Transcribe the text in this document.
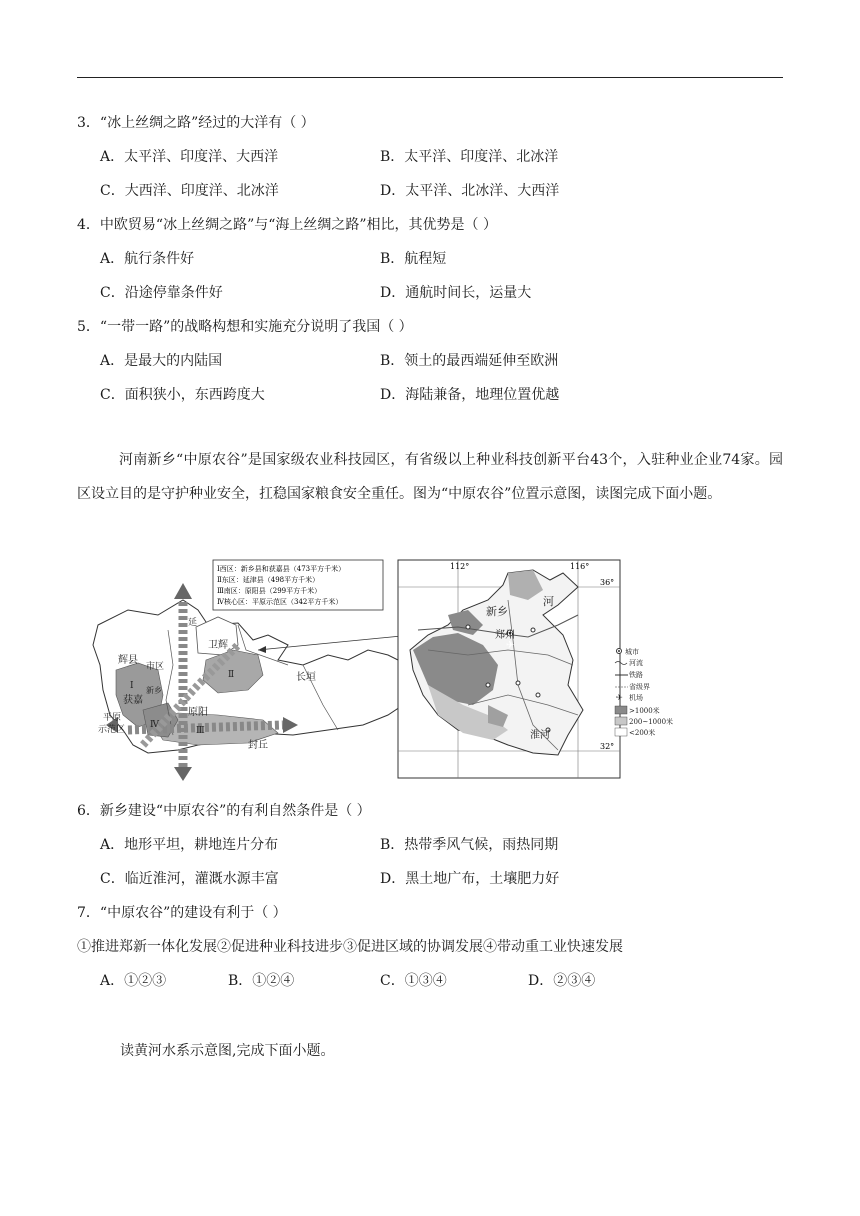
3．“冰上丝绸之路”经过的大洋有（ ）
A．太平洋、印度洋、大西洋	B．太平洋、印度洋、北冰洋
C．大西洋、印度洋、北冰洋	D．太平洋、北冰洋、大西洋
4．中欧贸易“冰上丝绸之路”与“海上丝绸之路”相比，其优势是（ ）
A．航行条件好	B．航程短
C．沿途停靠条件好	D．通航时间长，运量大
5．“一带一路”的战略构想和实施充分说明了我国（ ）
A．是最大的内陆国	B．领土的最西端延伸至欧洲
C．面积狭小，东西跨度大	D．海陆兼备，地理位置优越
河南新乡“中原农谷”是国家级农业科技园区，有省级以上种业科技创新平台43个，入驻种业企业74家。园区设立目的是守护种业安全，扛稳国家粮食安全重任。图为“中原农谷”位置示意图，读图完成下面小题。
辉县
卫辉
市区
Ⅰ
获嘉
新乡
Ⅱ
原阳
平原
示范区	Ⅳ
Ⅲ
长垣
封丘
延
Ⅰ西区：新乡县和获嘉县（473平方千米）
Ⅱ东区：延津县（498平方千米）
Ⅲ南区：原阳县（299平方千米）
Ⅳ核心区：平原示范区（342平方千米）
112°	116°
36°
32°
✈
新乡
郑州
河
淮河
城市
河流
铁路
省级界
✈ 机场
>1000米
200~1000米
<200米
6．新乡建设“中原农谷”的有利自然条件是（ ）
A．地形平坦，耕地连片分布	B．热带季风气候，雨热同期
C．临近淮河，灌溉水源丰富	D．黑土地广布，土壤肥力好
7．“中原农谷”的建设有利于（ ）
①推进郑新一体化发展②促进种业科技进步③促进区域的协调发展④带动重工业快速发展
A．①②③	B．①②④	C．①③④	D．②③④
读黄河水系示意图,完成下面小题。
